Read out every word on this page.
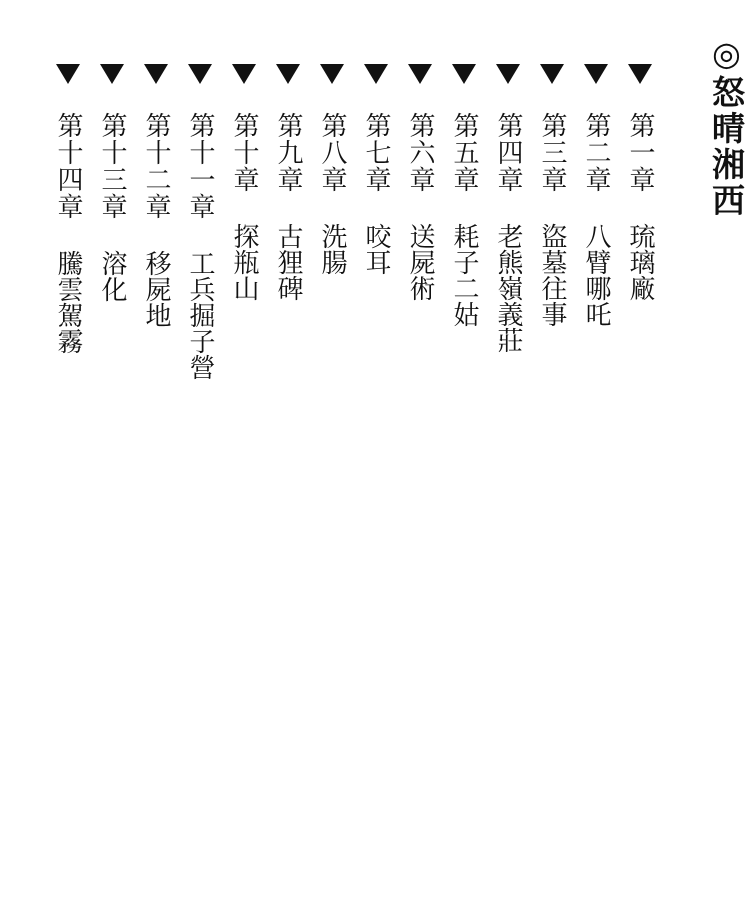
◎怒晴湘西
第一章
琉璃廠
第二章
八臂哪吒
第三章
盜墓往事
第四章
老熊嶺義莊
第五章
耗子二姑
第六章
送屍術
第七章
咬耳
第八章
洗腸
第九章
古狸碑
第十章
探瓶山
第十一章
工兵掘子營
第十二章
移屍地
第十三章
溶化
第十四章
騰雲駕霧
